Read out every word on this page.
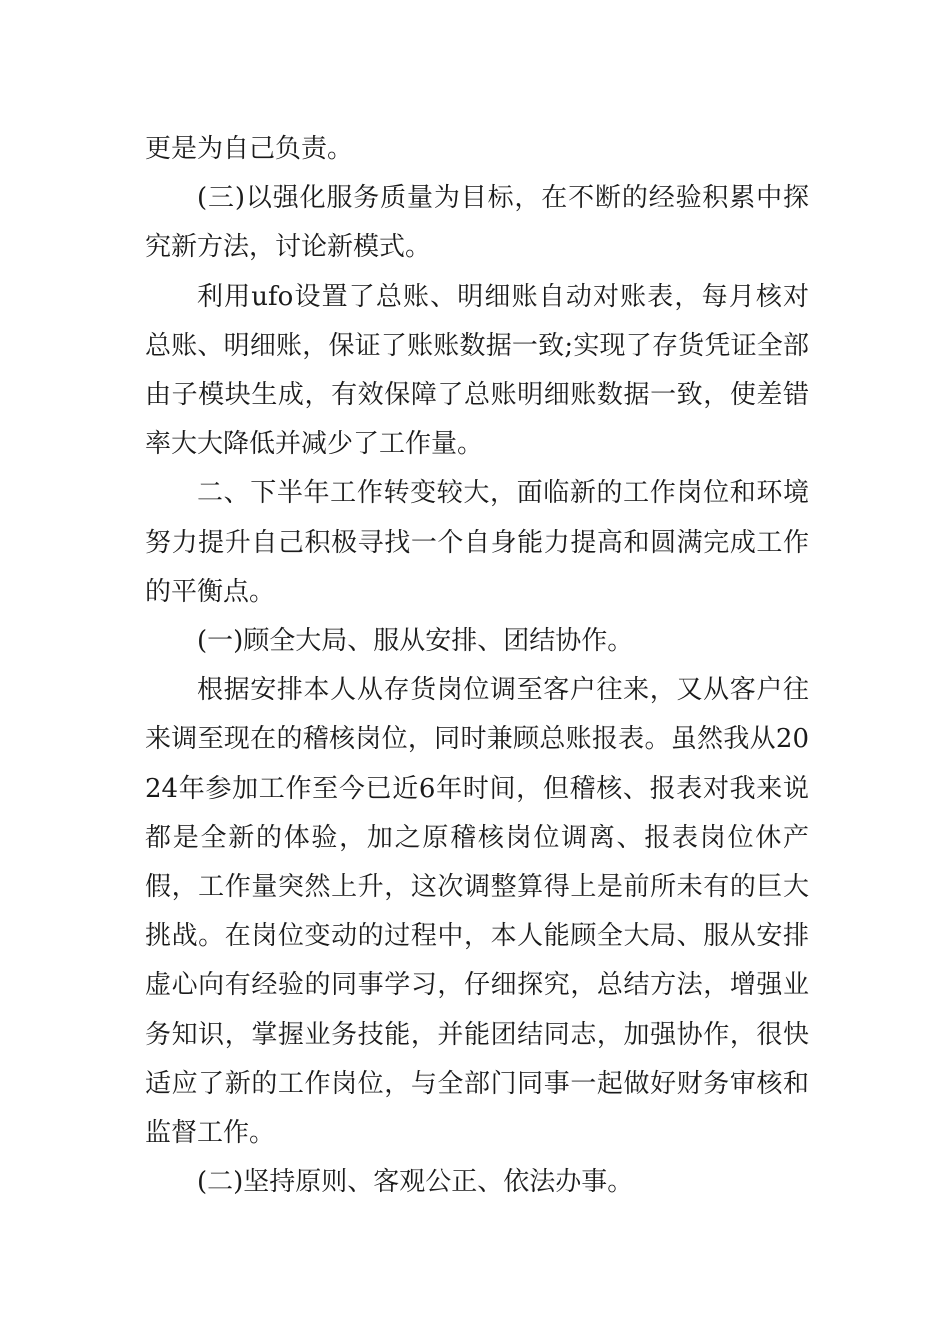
更是为自己负责。

(三)以强化服务质量为目标，在不断的经验积累中探究新方法，讨论新模式。

利用ufo设置了总账、明细账自动对账表，每月核对总账、明细账，保证了账账数据一致;实现了存货凭证全部由子模块生成，有效保障了总账明细账数据一致，使差错率大大降低并减少了工作量。

二、下半年工作转变较大，面临新的工作岗位和环境努力提升自己积极寻找一个自身能力提高和圆满完成工作的平衡点。

(一)顾全大局、服从安排、团结协作。

根据安排本人从存货岗位调至客户往来，又从客户往来调至现在的稽核岗位，同时兼顾总账报表。虽然我从2024年参加工作至今已近6年时间，但稽核、报表对我来说都是全新的体验，加之原稽核岗位调离、报表岗位休产假，工作量突然上升，这次调整算得上是前所未有的巨大挑战。在岗位变动的过程中，本人能顾全大局、服从安排虚心向有经验的同事学习，仔细探究，总结方法，增强业务知识，掌握业务技能，并能团结同志，加强协作，很快适应了新的工作岗位，与全部门同事一起做好财务审核和监督工作。

(二)坚持原则、客观公正、依法办事。
